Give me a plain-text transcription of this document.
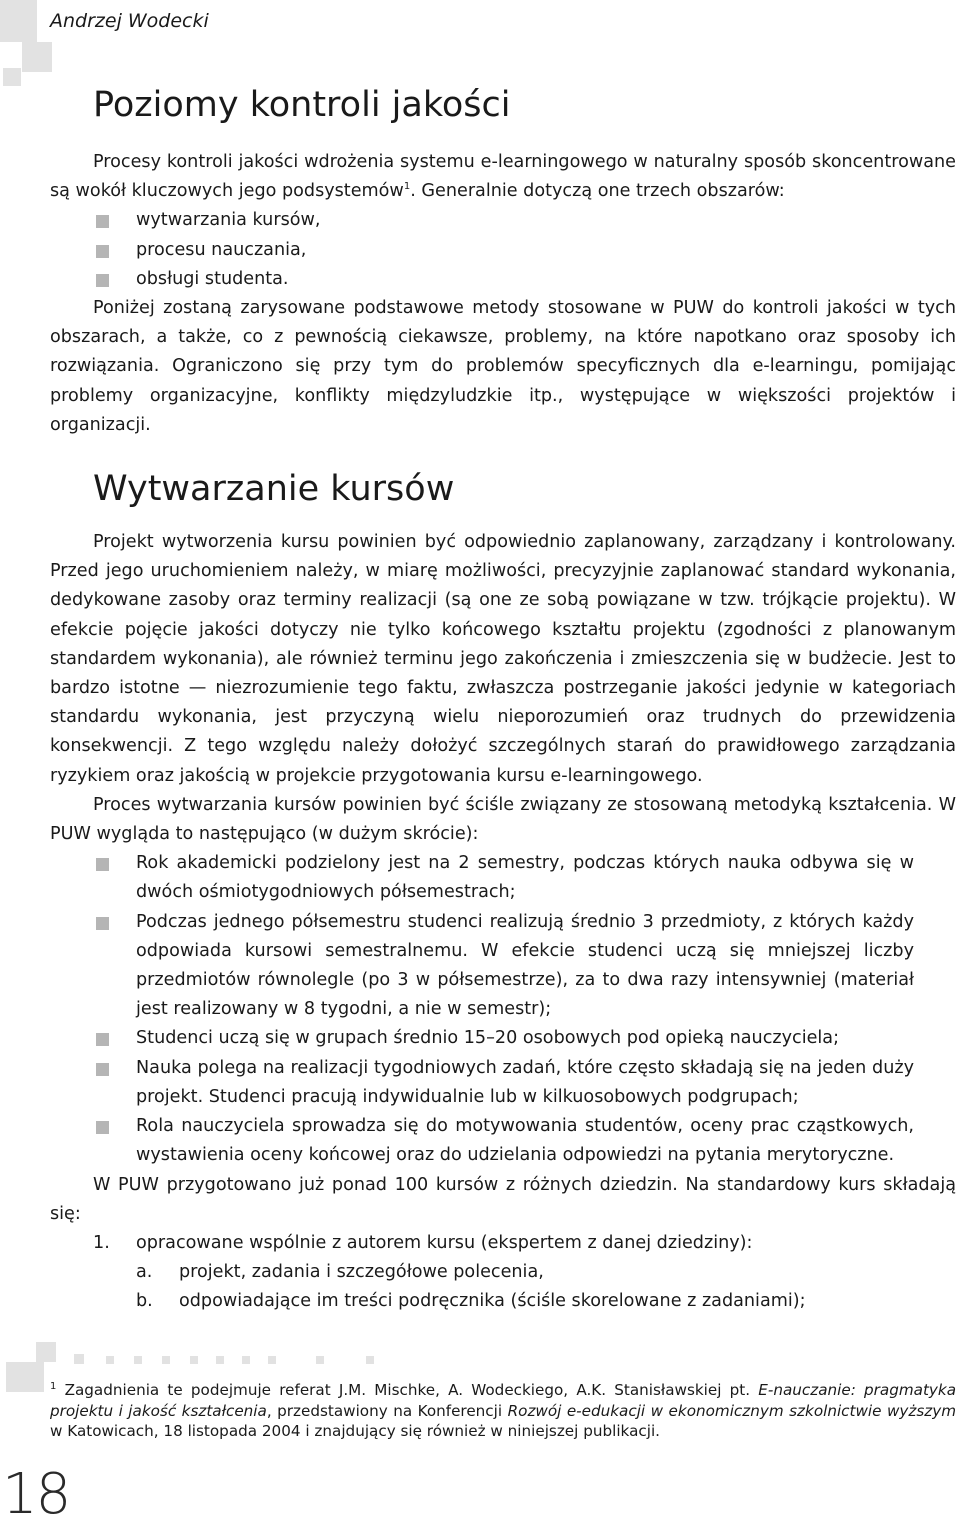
Andrzej Wodecki
Poziomy kontroli jakości

Procesy kontroli jakości wdrożenia systemu e-learningowego w naturalny sposób skoncentrowane są wokół kluczowych jego podsystemów$^1$. Generalnie dotyczą one trzech obszarów:

wytwarzania kursów,
procesu nauczania,
obsługi studenta.

Poniżej zostaną zarysowane podstawowe metody stosowane w PUW do kontroli jakości w tych obszarach, a także, co z pewnością ciekawsze, problemy, na które napotkano oraz sposoby ich rozwiązania. Ograniczono się przy tym do problemów specyficznych dla e-learningu, pomijając problemy organizacyjne, konflikty międzyludzkie itp., występujące w większości projektów i organizacji.

Wytwarzanie kursów

Projekt wytworzenia kursu powinien być odpowiednio zaplanowany, zarządzany i kontrolowany. Przed jego uruchomieniem należy, w miarę możliwości, precyzyjnie zaplanować standard wykonania, dedykowane zasoby oraz terminy realizacji (są one ze sobą powiązane w tzw. trójkącie projektu). W efekcie pojęcie jakości dotyczy nie tylko końcowego kształtu projektu (zgodności z planowanym standardem wykonania), ale również terminu jego zakończenia i zmieszczenia się w budżecie. Jest to bardzo istotne — niezrozumienie tego faktu, zwłaszcza postrzeganie jakości jedynie w kategoriach standardu wykonania, jest przyczyną wielu nieporozumień oraz trudnych do przewidzenia konsekwencji. Z tego względu należy dołożyć szczególnych starań do prawidłowego zarządzania ryzykiem oraz jakością w projekcie przygotowania kursu e-learningowego.

Proces wytwarzania kursów powinien być ściśle związany ze stosowaną metodyką kształcenia. W PUW wygląda to następująco (w dużym skrócie):

Rok akademicki podzielony jest na 2 semestry, podczas których nauka odbywa się w dwóch ośmiotygodniowych półsemestrach;
Podczas jednego półsemestru studenci realizują średnio 3 przedmioty, z których każdy odpowiada kursowi semestralnemu. W efekcie studenci uczą się mniejszej liczby przedmiotów równolegle (po 3 w półsemestrze), za to dwa razy intensywniej (materiał jest realizowany w 8 tygodni, a nie w semestr);
Studenci uczą się w grupach średnio 15–20 osobowych pod opieką nauczyciela;
Nauka polega na realizacji tygodniowych zadań, które często składają się na jeden duży projekt. Studenci pracują indywidualnie lub w kilkuosobowych podgrupach;
Rola nauczyciela sprowadza się do motywowania studentów, oceny prac cząstkowych, wystawienia oceny końcowej oraz do udzielania odpowiedzi na pytania merytoryczne.

W PUW przygotowano już ponad 100 kursów z różnych dziedzin. Na standardowy kurs składają się:

1. opracowane wspólnie z autorem kursu (ekspertem z danej dziedziny):
a. projekt, zadania i szczegółowe polecenia,
b. odpowiadające im treści podręcznika (ściśle skorelowane z zadaniami);
$^1$ Zagadnienia te podejmuje referat J.M. Mischke, A. Wodeckiego, A.K. Stanisławskiej pt. E-nauczanie: pragmatyka projektu i jakość kształcenia, przedstawiony na Konferencji Rozwój e-edukacji w ekonomicznym szkolnictwie wyższym w Katowicach, 18 listopada 2004 i znajdujący się również w niniejszej publikacji.
18
